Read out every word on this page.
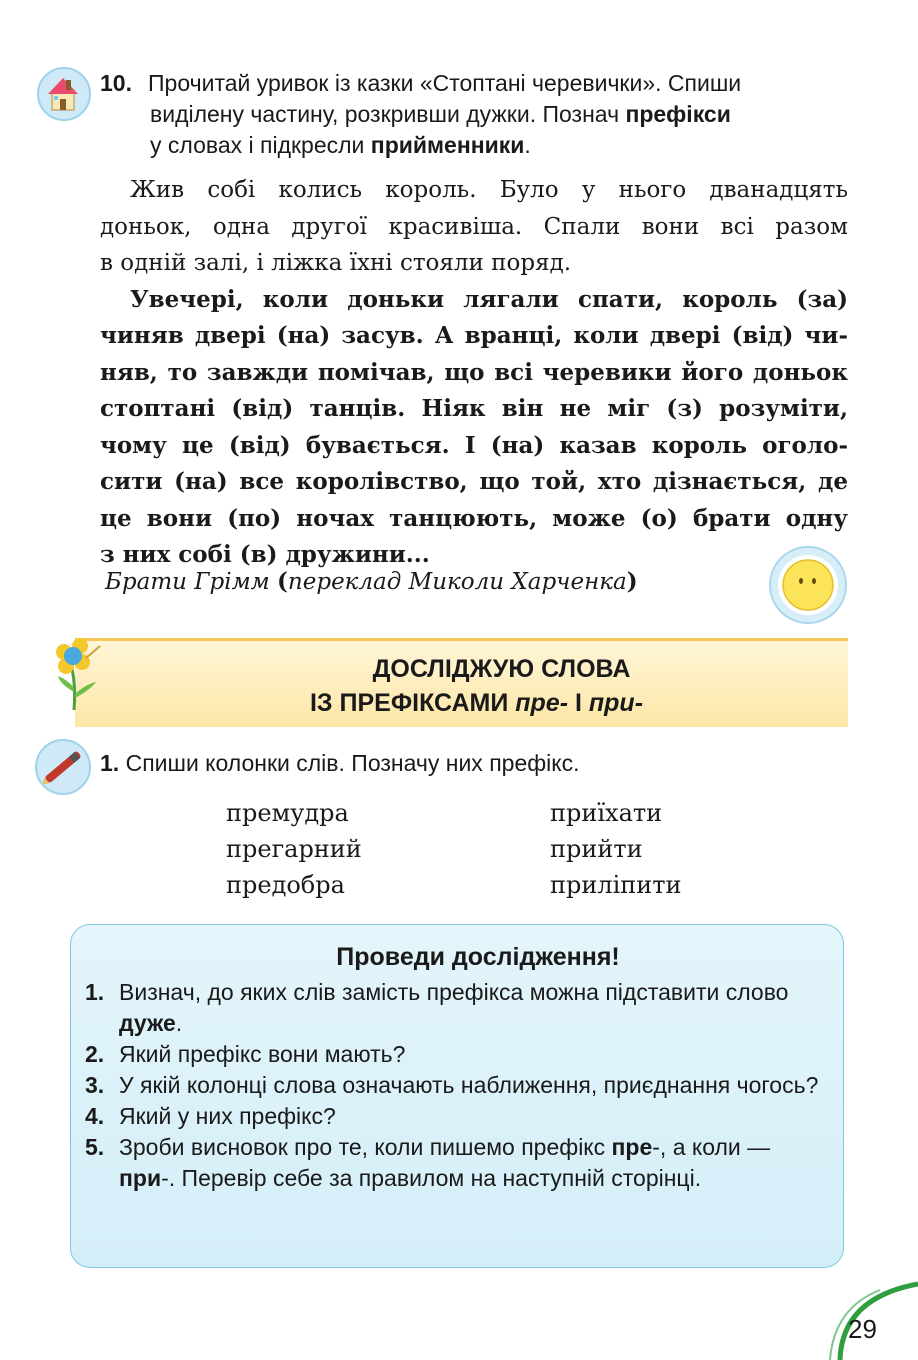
10. Прочитай уривок із казки «Стоптані черевички». Спиши
виділену частину, розкривши дужки. Познач префікси
у словах і підкресли прийменники.

Жив собі колись король. Було у нього дванадцять

доньок, одна другої красивіша. Спали вони всі разом

в одній залі, і ліжка їхні стояли поряд.

Увечері, коли доньки лягали спати, король (за)

чиняв двері (на) засув. А вранці, коли двері (від) чи-

няв, то завжди помічав, що всі черевики його доньок

стоптані (від) танців. Ніяк він не міг (з) розуміти,

чому це (від) бувається. І (на) казав король оголо-

сити (на) все королівство, що той, хто дізнається, де

це вони (по) ночах танцюють, може (о) брати одну

з них собі (в) дружини...

Брати Грімм (переклад Миколи Харченка)
ДОСЛІДЖУЮ СЛОВА
ІЗ ПРЕФІКСАМИ пре- І при-
1. Спиши колонки слів. Позначу них префікс.
премудра
прегарний
предобра
приїхати
прийти
приліпити
Проведи дослідження!
1. Визнач, до яких слів замість префікса можна підставити слово дуже.
2. Який префікс вони мають?
3. У якій колонці слова означають наближення, приєднання чогось?
4. Який у них префікс?
5. Зроби висновок про те, коли пишемо префікс пре-, а коли — при-. Перевір себе за правилом на наступній сторінці.
29
